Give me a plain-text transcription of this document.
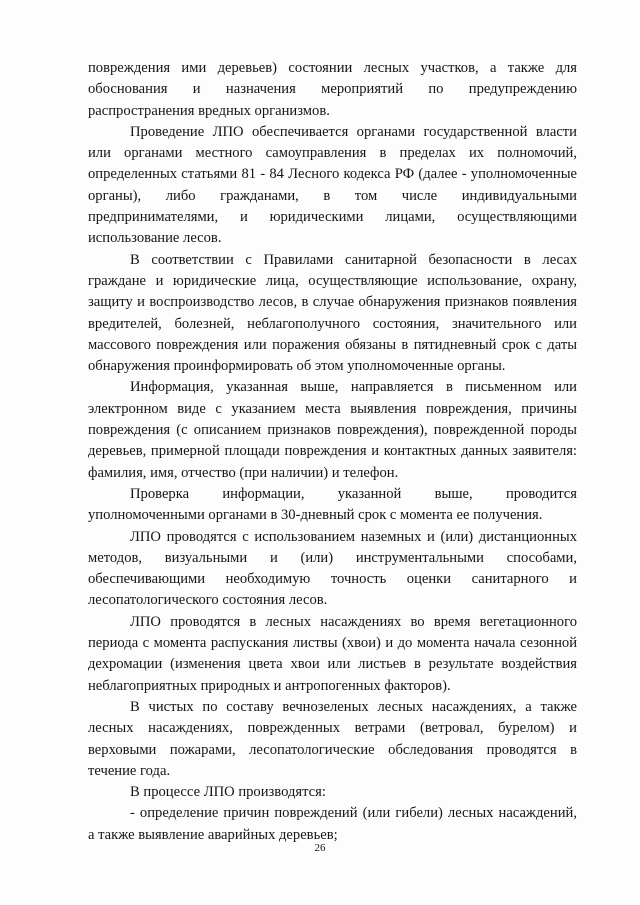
повреждения ими деревьев) состоянии лесных участков, а также для обоснования и назначения мероприятий по предупреждению распространения вредных организмов.

Проведение ЛПО обеспечивается органами государственной власти или органами местного самоуправления в пределах их полномочий, определенных статьями 81 - 84 Лесного кодекса РФ (далее - уполномоченные органы), либо гражданами, в том числе индивидуальными предпринимателями, и юридическими лицами, осуществляющими использование лесов.

В соответствии с Правилами санитарной безопасности в лесах граждане и юридические лица, осуществляющие использование, охрану, защиту и воспроизводство лесов, в случае обнаружения признаков появления вредителей, болезней, неблагополучного состояния, значительного или массового повреждения или поражения обязаны в пятидневный срок с даты обнаружения проинформировать об этом уполномоченные органы.

Информация, указанная выше, направляется в письменном или электронном виде с указанием места выявления повреждения, причины повреждения (с описанием признаков повреждения), поврежденной породы деревьев, примерной площади повреждения и контактных данных заявителя: фамилия, имя, отчество (при наличии) и телефон.

Проверка информации, указанной выше, проводится уполномоченными органами в 30-дневный срок с момента ее получения.

ЛПО проводятся с использованием наземных и (или) дистанционных методов, визуальными и (или) инструментальными способами, обеспечивающими необходимую точность оценки санитарного и лесопатологического состояния лесов.

ЛПО проводятся в лесных насаждениях во время вегетационного периода с момента распускания листвы (хвои) и до момента начала сезонной дехромации (изменения цвета хвои или листьев в результате воздействия неблагоприятных природных и антропогенных факторов).

В чистых по составу вечнозеленых лесных насаждениях, а также лесных насаждениях, поврежденных ветрами (ветровал, бурелом) и верховыми пожарами, лесопатологические обследования проводятся в течение года.

В процессе ЛПО производятся:

- определение причин повреждений (или гибели) лесных насаждений, а также выявление аварийных деревьев;

26
